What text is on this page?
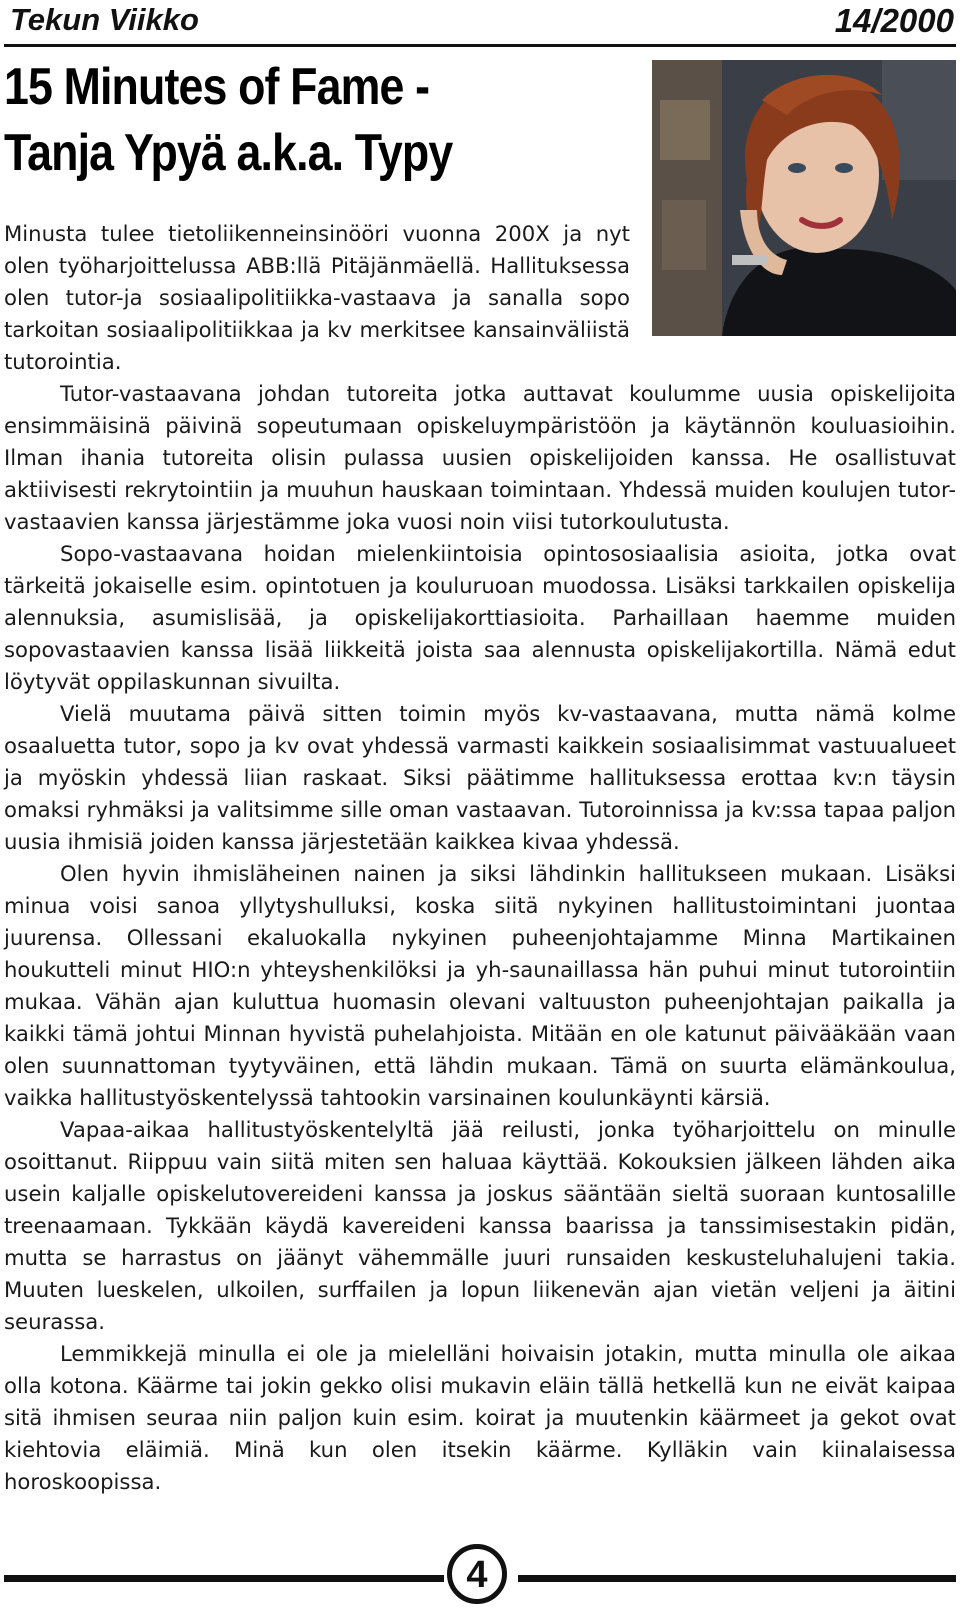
Tekun Viikko	14/2000
15 Minutes of Fame -
Tanja Ypyä a.k.a. Typy

Minusta tulee tietoliikenneinsinööri vuonna 200X ja nyt olen työharjoittelussa ABB:llä Pitäjänmäellä. Hallituksessa olen tutor-ja sosiaalipolitiikka-vastaava ja sanalla sopo tarkoitan sosiaalipolitiikkaa ja kv merkitsee kansainväliistä tutorointia.

Tutor-vastaavana johdan tutoreita jotka auttavat koulumme uusia opiskelijoita ensimmäisinä päivinä sopeutumaan opiskeluympäristöön ja käytännön kouluasioihin. Ilman ihania tutoreita olisin pulassa uusien opiskelijoiden kanssa. He osallistuvat aktiivisesti rekrytointiin ja muuhun hauskaan toimintaan. Yhdessä muiden koulujen tutor-vastaavien kanssa järjestämme joka vuosi noin viisi tutorkoulutusta.

Sopo-vastaavana hoidan mielenkiintoisia opintososiaalisia asioita, jotka ovat tärkeitä jokaiselle esim. opintotuen ja kouluruoan muodossa. Lisäksi tarkkailen opiskelija alennuksia, asumislisää, ja opiskelijakorttiasioita. Parhaillaan haemme muiden sopovastaavien kanssa lisää liikkeitä joista saa alennusta opiskelijakortilla. Nämä edut löytyvät oppilaskunnan sivuilta.

Vielä muutama päivä sitten toimin myös kv-vastaavana, mutta nämä kolme osaaluetta tutor, sopo ja kv ovat yhdessä varmasti kaikkein sosiaalisimmat vastuualueet ja myöskin yhdessä liian raskaat. Siksi päätimme hallituksessa erottaa kv:n täysin omaksi ryhmäksi ja valitsimme sille oman vastaavan. Tutoroinnissa ja kv:ssa tapaa paljon uusia ihmisiä joiden kanssa järjestetään kaikkea kivaa yhdessä.

Olen hyvin ihmisläheinen nainen ja siksi lähdinkin hallitukseen mukaan. Lisäksi minua voisi sanoa yllytyshulluksi, koska siitä nykyinen hallitustoimintani juontaa juurensa. Ollessani ekaluokalla nykyinen puheenjohtajamme Minna Martikainen houkutteli minut HIO:n yhteyshenkilöksi ja yh-saunaillassa hän puhui minut tutorointiin mukaa. Vähän ajan kuluttua huomasin olevani valtuuston puheenjohtajan paikalla ja kaikki tämä johtui Minnan hyvistä puhelahjoista. Mitään en ole katunut päivääkään vaan olen suunnattoman tyytyväinen, että lähdin mukaan. Tämä on suurta elämänkoulua, vaikka hallitustyöskentelyssä tahtookin varsinainen koulunkäynti kärsiä.

Vapaa-aikaa hallitustyöskentelyltä jää reilusti, jonka työharjoittelu on minulle osoittanut. Riippuu vain siitä miten sen haluaa käyttää. Kokouksien jälkeen lähden aika usein kaljalle opiskelutovereideni kanssa ja joskus sääntään sieltä suoraan kuntosalille treenaamaan. Tykkään käydä kavereideni kanssa baarissa ja tanssimisestakin pidän, mutta se harrastus on jäänyt vähemmälle juuri runsaiden keskusteluhalujeni takia. Muuten lueskelen, ulkoilen, surffailen ja lopun liikenevän ajan vietän veljeni ja äitini seurassa.

Lemmikkejä minulla ei ole ja mielelläni hoivaisin jotakin, mutta minulla ole aikaa olla kotona. Käärme tai jokin gekko olisi mukavin eläin tällä hetkellä kun ne eivät kaipaa sitä ihmisen seuraa niin paljon kuin esim. koirat ja muutenkin käärmeet ja gekot ovat kiehtovia eläimiä. Minä kun olen itsekin käärme. Kylläkin vain kiinalaisessa horoskoopissa.

4
